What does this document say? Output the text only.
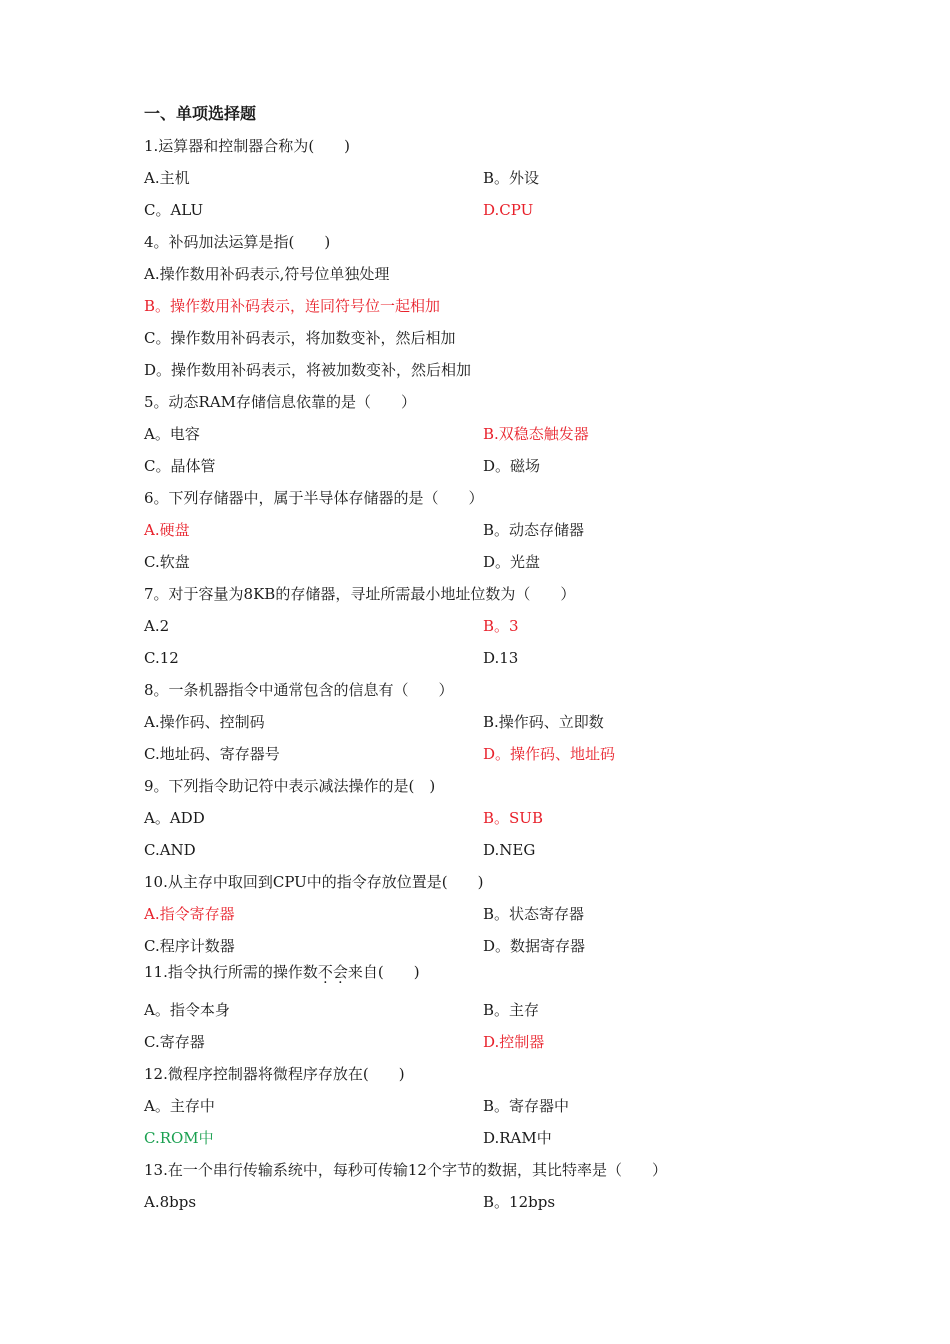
一、单项选择题
1.运算器和控制器合称为(　　)
A.主机	B。外设
C。ALU	D.CPU
4。补码加法运算是指(　　)
A.操作数用补码表示,符号位单独处理
B。操作数用补码表示，连同符号位一起相加
C。操作数用补码表示，将加数变补，然后相加
D。操作数用补码表示，将被加数变补，然后相加
5。动态RAM存储信息依靠的是（　　）
A。电容	B.双稳态触发器
C。晶体管	D。磁场
6。下列存储器中，属于半导体存储器的是（　　）
A.硬盘	B。动态存储器
C.软盘	D。光盘
7。对于容量为8KB的存储器，寻址所需最小地址位数为（　　）
A.2	B。3
C.12	D.13
8。一条机器指令中通常包含的信息有（　　）
A.操作码、控制码	B.操作码、立即数
C.地址码、寄存器号	D。操作码、地址码
9。下列指令助记符中表示减法操作的是(　)
A。ADD	B。SUB
C.AND	D.NEG
10.从主存中取回到CPU中的指令存放位置是(　　)
A.指令寄存器	B。状态寄存器
C.程序计数器	D。数据寄存器
11.指令执行所需的操作数不会来自(　　)
A。指令本身	B。主存
C.寄存器	D.控制器
12.微程序控制器将微程序存放在(　　)
A。主存中	B。寄存器中
C.ROM中	D.RAM中
13.在一个串行传输系统中，每秒可传输12个字节的数据，其比特率是（　　）
A.8bps	B。12bps
